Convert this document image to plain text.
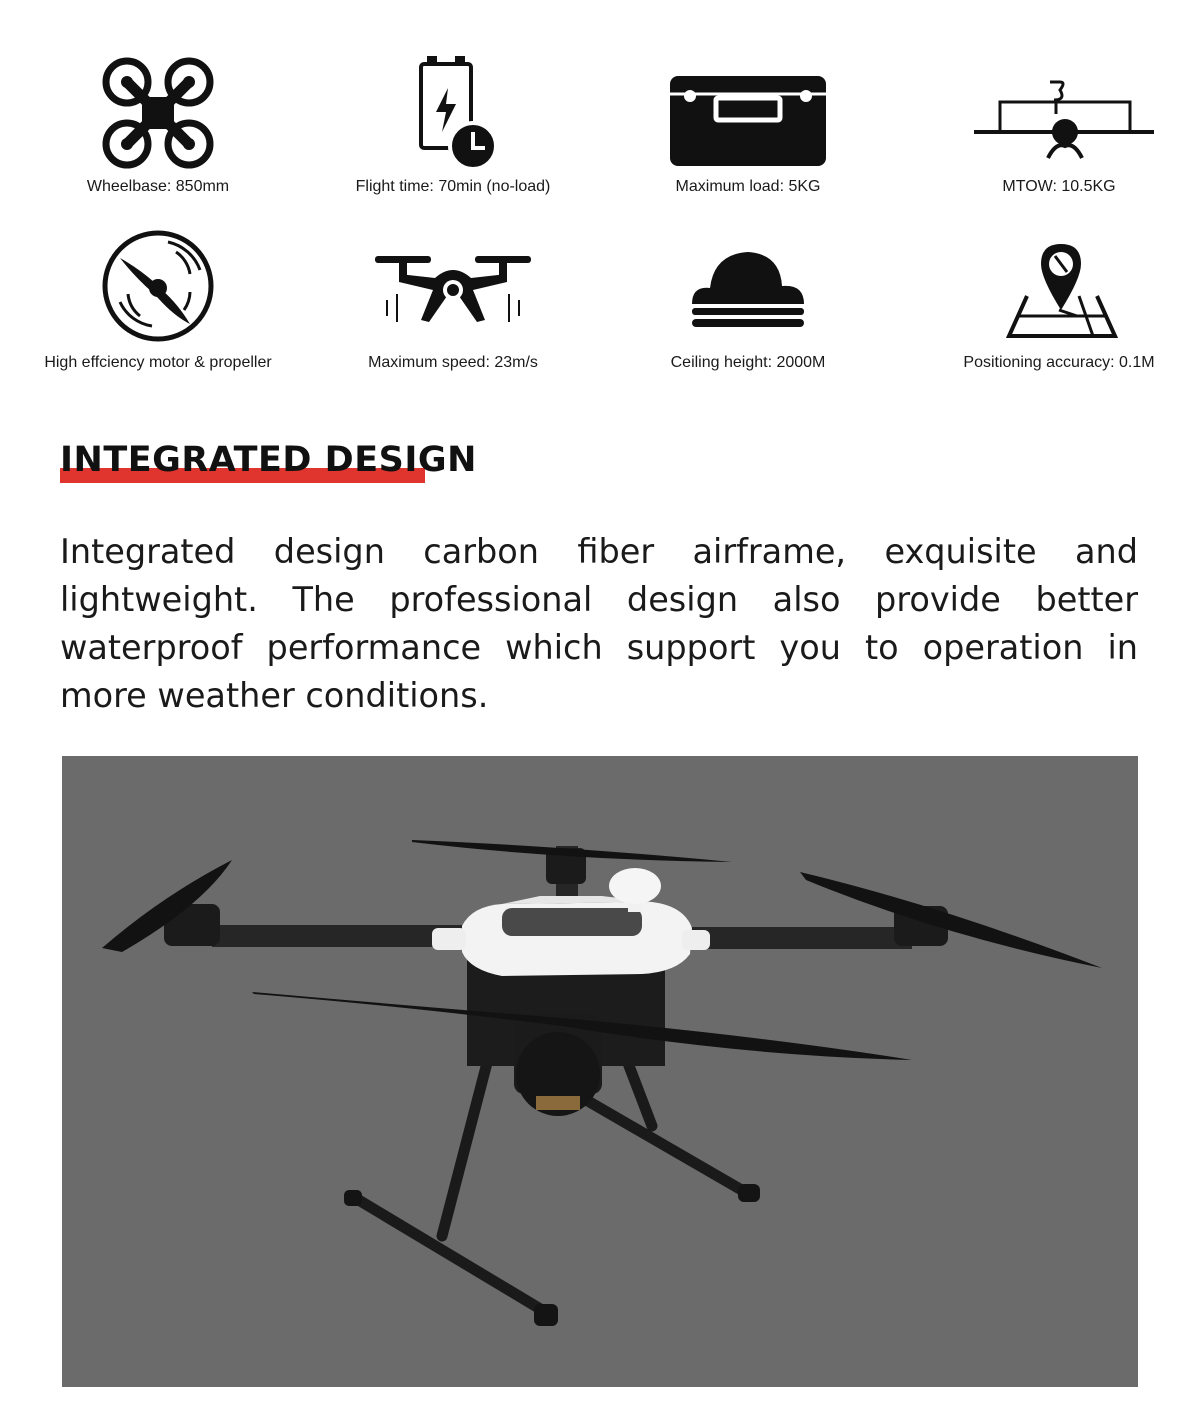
Wheelbase: 850mm	Flight time: 70min (no-load)	Maximum load: 5KG	MTOW: 10.5KG
High effciency motor & propeller	Maximum speed: 23m/s	Ceiling height: 2000M	Positioning accuracy: 0.1M
INTEGRATED DESIGN

Integrated design carbon fiber airframe, exquisite and lightweight. The professional design also provide better waterproof performance which support you to operation in more weather conditions.
